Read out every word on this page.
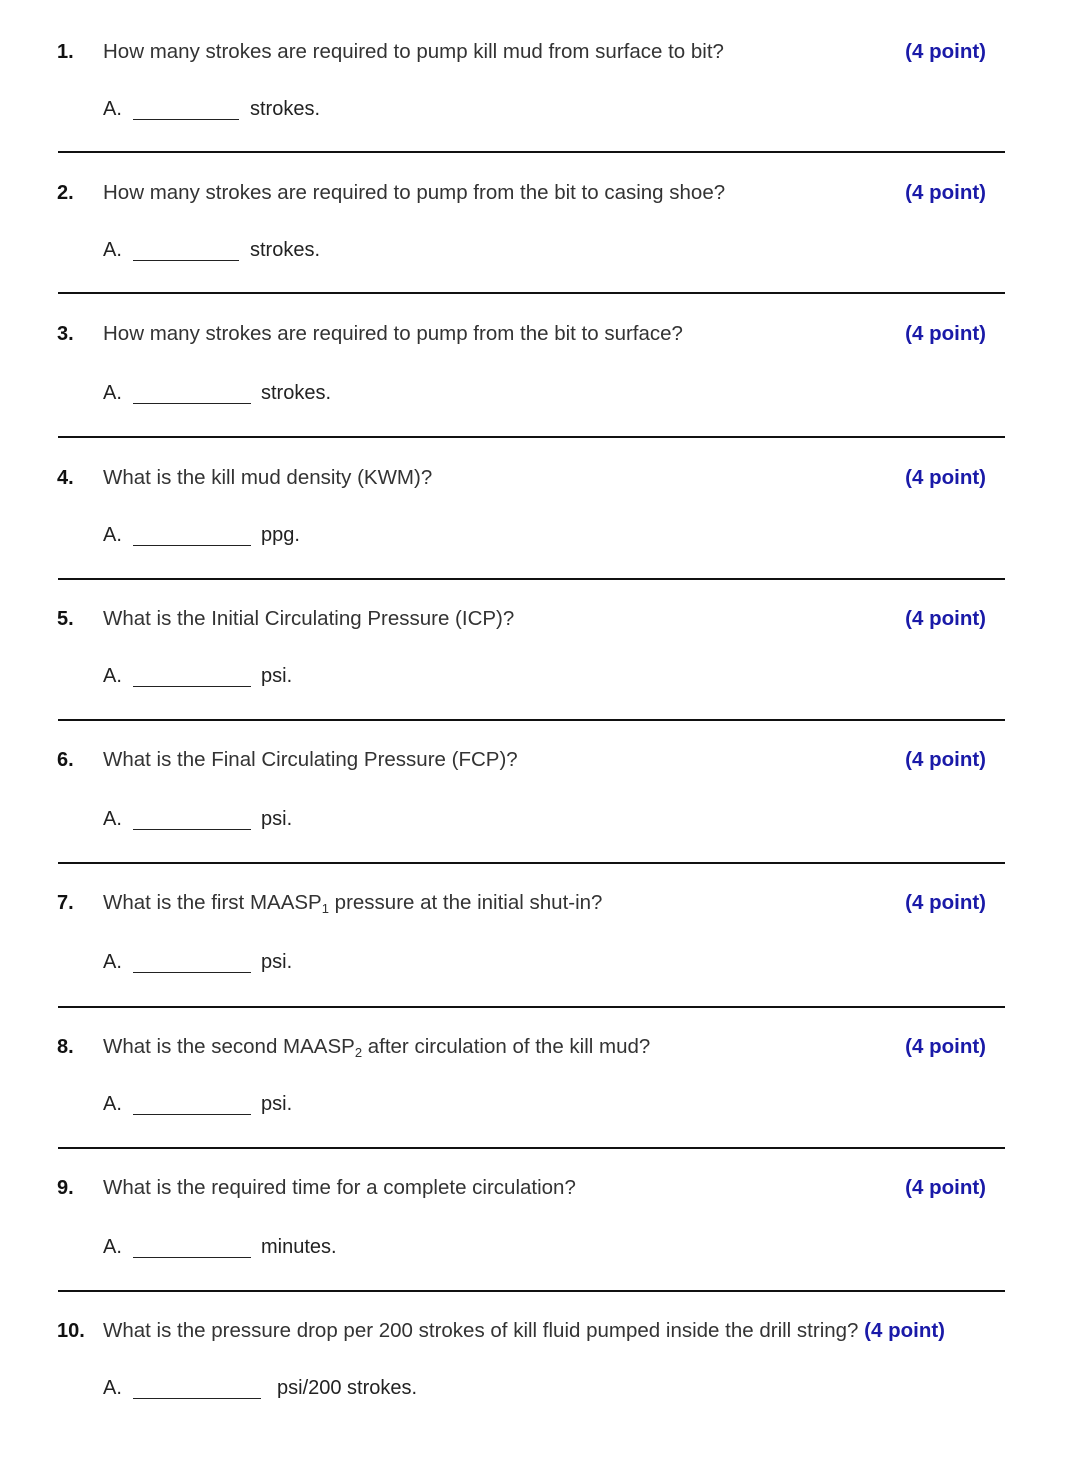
1. How many strokes are required to pump kill mud from surface to bit?	(4 point)
A.	strokes.
2. How many strokes are required to pump from the bit to casing shoe?	(4 point)
A.	strokes.
3. How many strokes are required to pump from the bit to surface?	(4 point)
A.	strokes.
4. What is the kill mud density (KWM)?	(4 point)
A.	ppg.
5. What is the Initial Circulating Pressure (ICP)?	(4 point)
A.	psi.
6. What is the Final Circulating Pressure (FCP)?	(4 point)
A.	psi.
7. What is the first $MAASP_1$ pressure at the initial shut-in?	(4 point)
A.	psi.
8. What is the second $MAASP_2$ after circulation of the kill mud?	(4 point)
A.	psi.
9. What is the required time for a complete circulation?	(4 point)
A.	minutes.
10. What is the pressure drop per 200 strokes of kill fluid pumped inside the drill string? (4 point)
A.	psi/200 strokes.
